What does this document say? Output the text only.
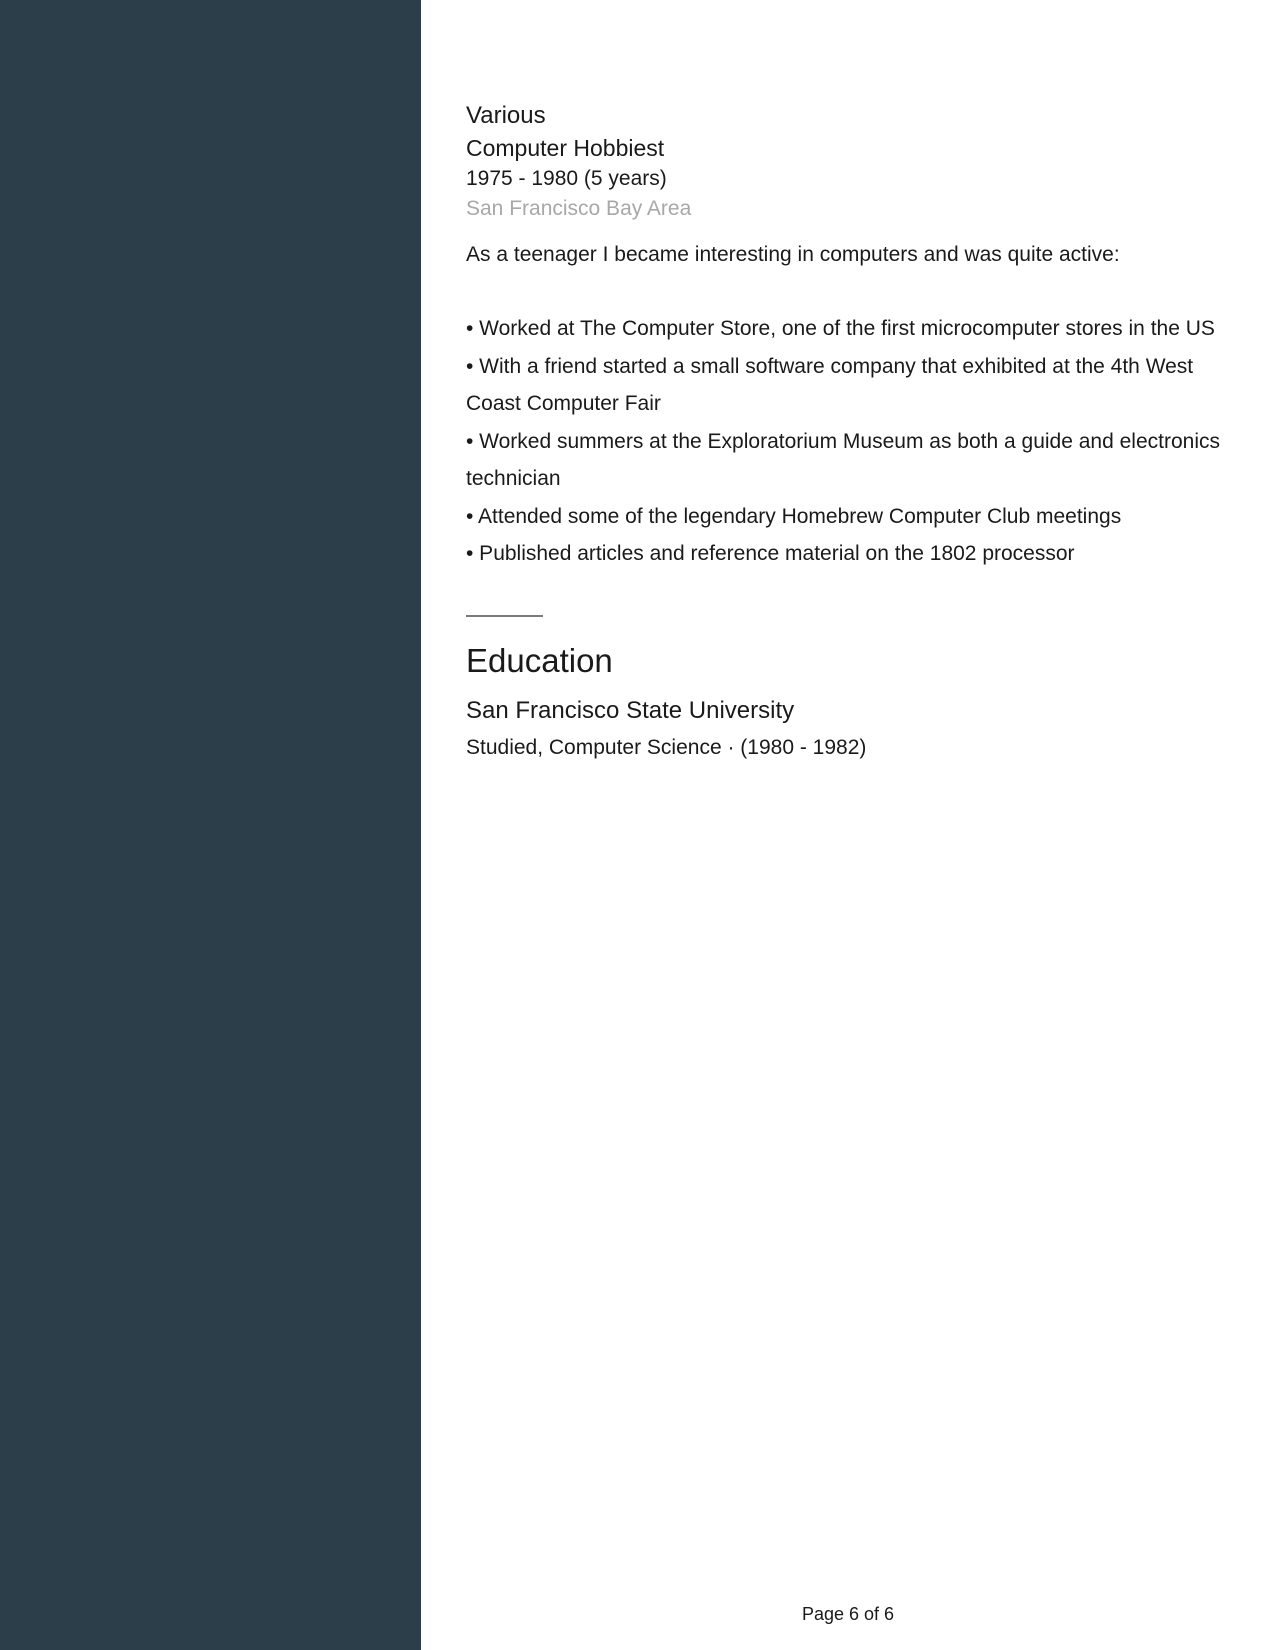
Various
Computer Hobbiest
1975 - 1980 (5 years)
San Francisco Bay Area
As a teenager I became interesting in computers and was quite active:

• Worked at The Computer Store, one of the first microcomputer stores in the US

• With a friend started a small software company that exhibited at the 4th West Coast Computer Fair

• Worked summers at the Exploratorium Museum as both a guide and electronics technician

• Attended some of the legendary Homebrew Computer Club meetings

• Published articles and reference material on the 1802 processor

Education
San Francisco State University
Studied, Computer Science · (1980 - 1982)
Page 6 of 6
